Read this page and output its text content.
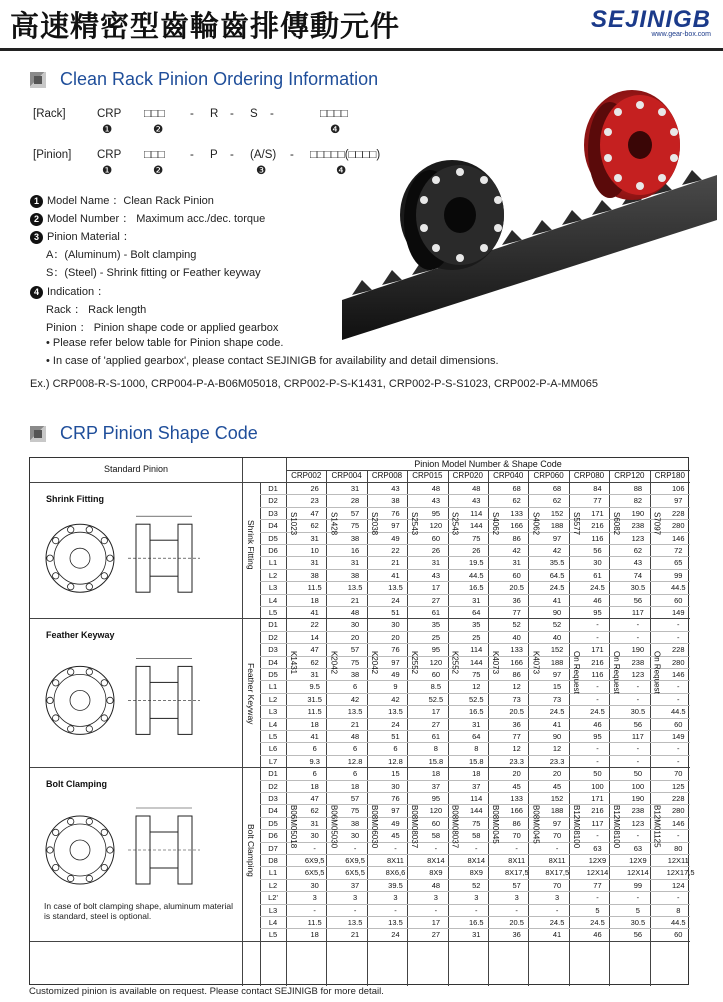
高速精密型齒輪齒排傳動元件	SEJINIGB
www.gear-box.com
Clean Rack Pinion Ordering Information
[Rack]	CRP □□□ - R - S -	□□□□
❶	❷	❹
[Pinion] CRP □□□ - P - (A/S) - □□□□□(□□□□)
❶	❷	❸	❹
1 Model Name ：Clean Rack Pinion
2 Model Number ： Maximum acc./dec. torque
3 Pinion Material ：
A：(Aluminum) - Bolt clamping
S：(Steel) - Shrink fitting or Feather keyway
4 Indication ：
Rack ： Rack length
Pinion ： Pinion shape code or applied gearbox
• Please refer below table for Pinion shape code.
• In case of 'applied gearbox', please contact SEJINIGB for availability and detail dimensions.
Ex.) CRP008-R-S-1000, CRP004-P-A-B06M05018, CRP002-P-S-K1431, CRP002-P-S-S1023, CRP002-P-A-MM065
CRP Pinion Shape Code
Standard Pinion	Pinion Model Number & Shape Code
CRP002	CRP004	CRP008	CRP015	CRP020	CRP040	CRP060	CRP080	CRP120	CRP180
Shrink Fitting
Shrink Fitting
D1	26	31	43	48	48	68	68	84	88	106
D2	23	28	38	43	43	62	62	77	82	97
D3	47	57	76	95	114	133	152	171	190	228
D4	62	75	97	120	144	166	188	216	238	280
D5	31	38	49	60	75	86	97	116	123	146
D6	10	16	22	26	26	42	42	56	62	72
L1	31	31	21	31	19.5	31	35.5	30	43	65
L2	38	38	41	43	44.5	60	64.5	61	74	99
L3	11.5	13.5	13.5	17	16.5	20.5	24.5	24.5	30.5	44.5
L4	18	21	24	27	31	36	41	46	56	60
L5	41	48	51	61	64	77	90	95	117	149
S1023	S1428	S2038	S2543	S2543	S4062	S4062	S5577	S6082	S7097
Feather Keyway
Feather Keyway
D1	22	30	30	35	35	52	52	-	-	-
D2	14	20	20	25	25	40	40	-	-	-
D3	47	57	76	95	114	133	152	171	190	228
D4	62	75	97	120	144	166	188	216	238	280
D5	31	38	49	60	75	86	97	116	123	146
L1	9.5	6	9	8.5	12	12	15	-	-	-
L2	31.5	42	42	52.5	52.5	73	73	-	-	-
L3	11.5	13.5	13.5	17	16.5	20.5	24.5	24.5	30.5	44.5
L4	18	21	24	27	31	36	41	46	56	60
L5	41	48	51	61	64	77	90	95	117	149
L6	6	6	6	8	8	12	12	-	-	-
L7	9.3	12.8	12.8	15.8	15.8	23.3	23.3	-	-	-
K1431	K2042	K2042	K2552	K2552	K4073	K4073	On Request	On Request	On Request
Bolt Clamping
In case of bolt clamping shape, aluminum material is standard, steel is optional.
Bolt Clamping
D1	6	6	15	18	18	20	20	50	50	70
D2	18	18	30	37	37	45	45	100	100	125
D3	47	57	76	95	114	133	152	171	190	228
D4	62	75	97	120	144	166	188	216	238	280
D5	31	38	49	60	75	86	97	117	123	146
D6	30	30	45	58	58	70	70	-	-	-
D7	-	-	-	-	-	-	-	63	63	80
D8	6X9,5	6X9,5	8X11	8X14	8X14	8X11	8X11	12X9	12X9	12X11
L1	6X5,5	6X5,5	8X6,6	8X9	8X9	8X17,5 8X17,5 12X14 12X14 12X17,5
L2	30	37	39.5	48	52	57	70	77	99	124
L2'	3	3	3	3	3	3	3	-	-	-
L3	-	-	-	-	-	-	-	5	5	8
L4	11.5	13.5	13.5	17	16.5	20.5	24.5	24.5	30.5	44.5
L5	18	21	24	27	31	36	41	46	56	60
B06M05018	B06M05030	B08M06030	B08M08037	B08M08037	B08M0045	B08M0045	B12M08100	B12M08100	B12M01125
Customized pinion is available on request. Please contact SEJINIGB for more detail.
